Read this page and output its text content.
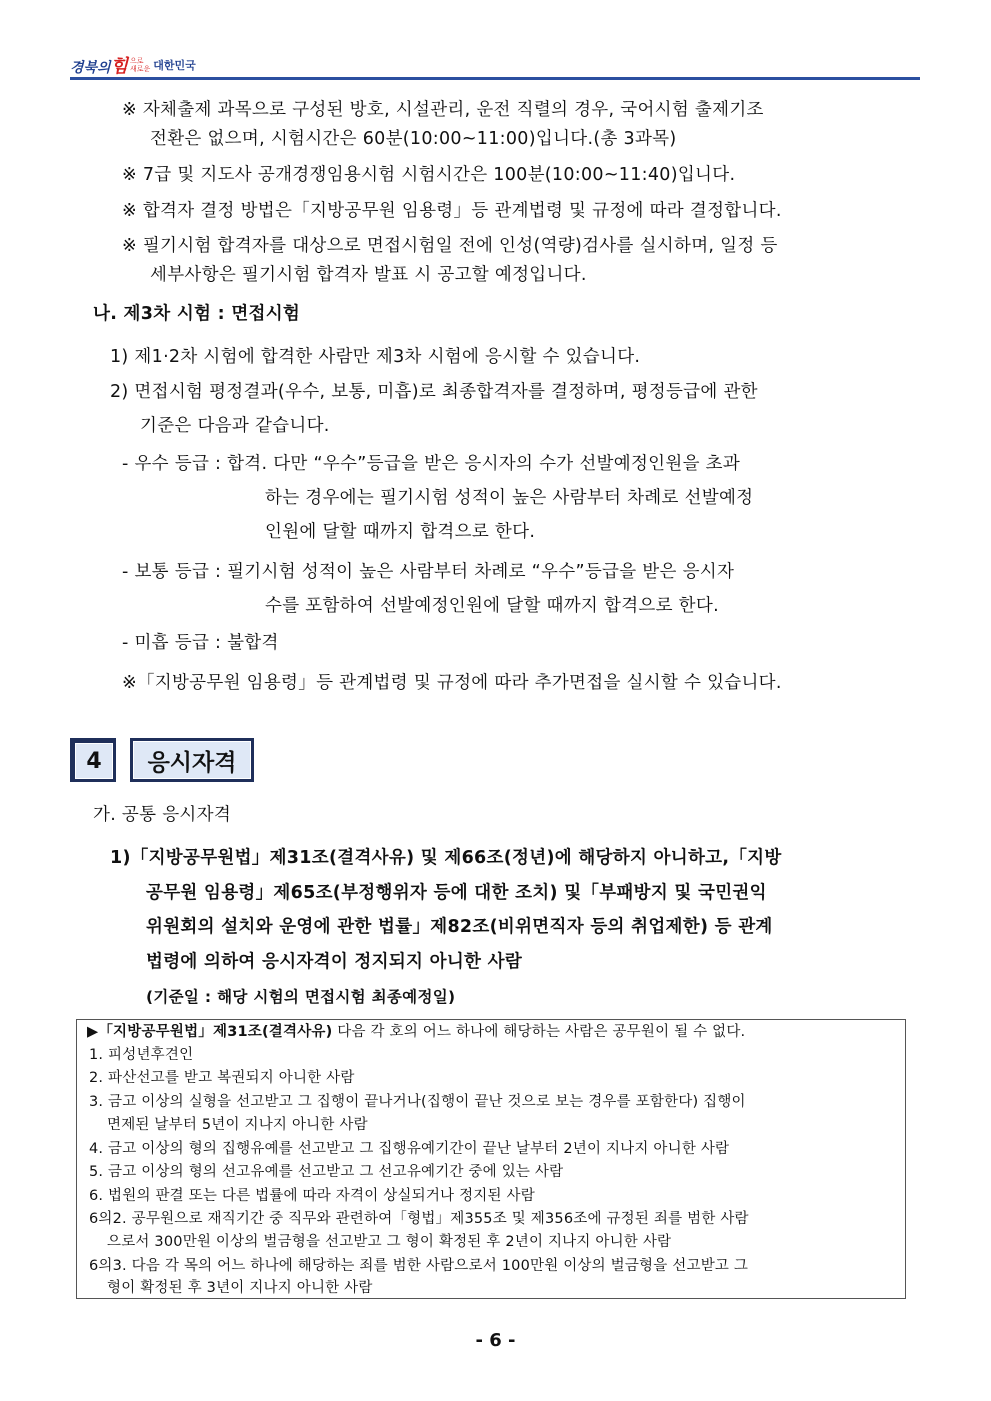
경북의힘 으로
새로운 대한민국
※ 자체출제 과목으로 구성된 방호, 시설관리, 운전 직렬의 경우, 국어시험 출제기조
전환은 없으며, 시험시간은 60분(10:00~11:00)입니다.(총 3과목)
※ 7급 및 지도사 공개경쟁임용시험 시험시간은 100분(10:00~11:40)입니다.
※ 합격자 결정 방법은「지방공무원 임용령」등 관계법령 및 규정에 따라 결정합니다.
※ 필기시험 합격자를 대상으로 면접시험일 전에 인성(역량)검사를 실시하며, 일정 등
세부사항은 필기시험 합격자 발표 시 공고할 예정입니다.
나. 제3차 시험 : 면접시험
1) 제1·2차 시험에 합격한 사람만 제3차 시험에 응시할 수 있습니다.
2) 면접시험 평정결과(우수, 보통, 미흡)로 최종합격자를 결정하며, 평정등급에 관한
기준은 다음과 같습니다.
- 우수 등급 : 합격. 다만 “우수”등급을 받은 응시자의 수가 선발예정인원을 초과
하는 경우에는 필기시험 성적이 높은 사람부터 차례로 선발예정
인원에 달할 때까지 합격으로 한다.
- 보통 등급 : 필기시험 성적이 높은 사람부터 차례로 “우수”등급을 받은 응시자
수를 포함하여 선발예정인원에 달할 때까지 합격으로 한다.
- 미흡 등급 : 불합격
※「지방공무원 임용령」등 관계법령 및 규정에 따라 추가면접을 실시할 수 있습니다.
4	응시자격
가. 공통 응시자격
1)「지방공무원법」제31조(결격사유) 및 제66조(정년)에 해당하지 아니하고,「지방
공무원 임용령」제65조(부정행위자 등에 대한 조치) 및「부패방지 및 국민권익
위원회의 설치와 운영에 관한 법률」제82조(비위면직자 등의 취업제한) 등 관계
법령에 의하여 응시자격이 정지되지 아니한 사람
(기준일 : 해당 시험의 면접시험 최종예정일)
▶「지방공무원법」제31조(결격사유) 다음 각 호의 어느 하나에 해당하는 사람은 공무원이 될 수 없다.
1. 피성년후견인
2. 파산선고를 받고 복권되지 아니한 사람
3. 금고 이상의 실형을 선고받고 그 집행이 끝나거나(집행이 끝난 것으로 보는 경우를 포함한다) 집행이
면제된 날부터 5년이 지나지 아니한 사람
4. 금고 이상의 형의 집행유예를 선고받고 그 집행유예기간이 끝난 날부터 2년이 지나지 아니한 사람
5. 금고 이상의 형의 선고유예를 선고받고 그 선고유예기간 중에 있는 사람
6. 법원의 판결 또는 다른 법률에 따라 자격이 상실되거나 정지된 사람
6의2. 공무원으로 재직기간 중 직무와 관련하여「형법」제355조 및 제356조에 규정된 죄를 범한 사람
으로서 300만원 이상의 벌금형을 선고받고 그 형이 확정된 후 2년이 지나지 아니한 사람
6의3. 다음 각 목의 어느 하나에 해당하는 죄를 범한 사람으로서 100만원 이상의 벌금형을 선고받고 그
형이 확정된 후 3년이 지나지 아니한 사람
- 6 -
